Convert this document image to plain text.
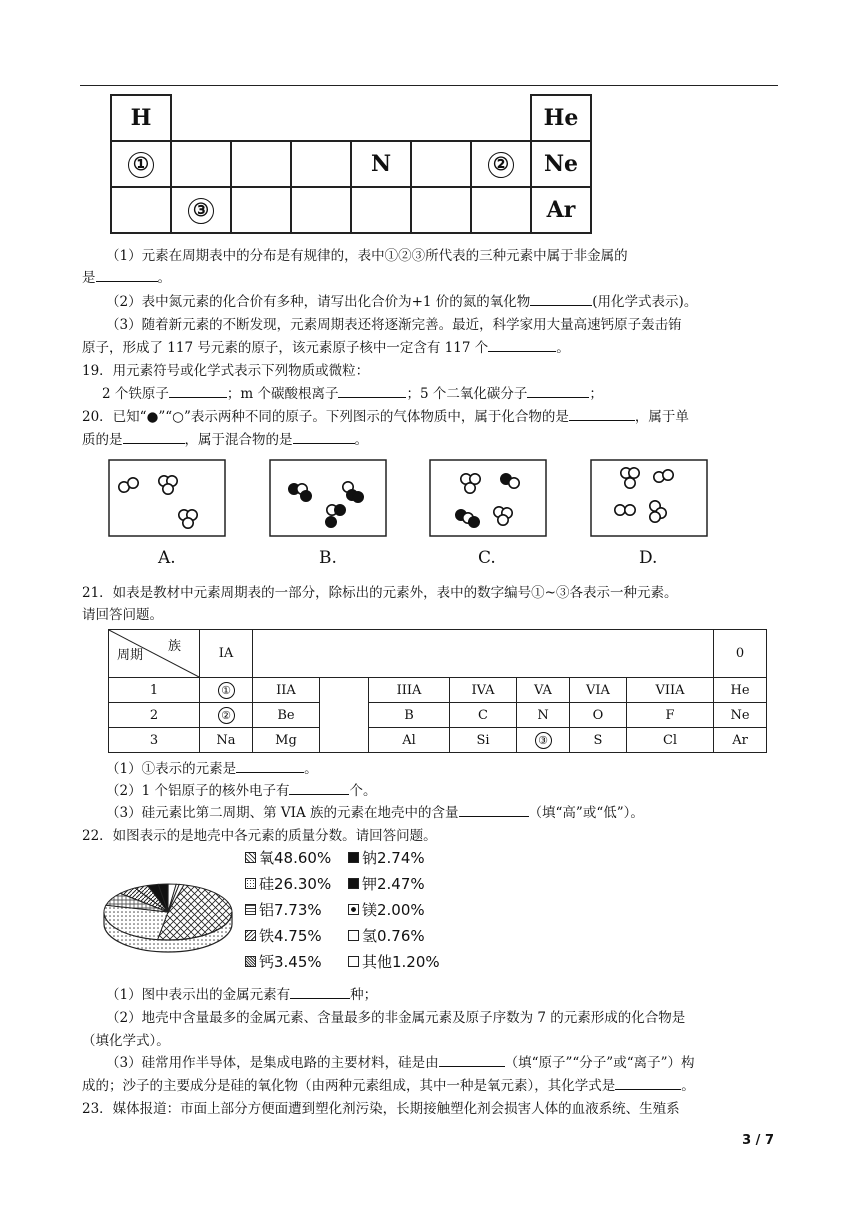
H							He
①				N		②	Ne
	③						Ar
（1）元素在周期表中的分布是有规律的，表中①②③所代表的三种元素中属于非金属的
是	。
（2）表中氮元素的化合价有多种，请写出化合价为+1 价的氮的氧化物	(用化学式表示)。
（3）随着新元素的不断发现，元素周期表还将逐渐完善。最近，科学家用大量高速钙原子轰击铕
原子，形成了 117 号元素的原子，该元素原子核中一定含有 117 个	。
19．用元素符号或化学式表示下列物质或微粒：
2 个铁原子	；m 个碳酸根离子	；5 个二氧化碳分子	；
20．已知“●”“○”表示两种不同的原子。下列图示的气体物质中，属于化合物的是	，属于单
质的是	，属于混合物的是	。
A.	B.	C.	D.
21．如表是教材中元素周期表的一部分，除标出的元素外，表中的数字编号①~③各表示一种元素。
请回答问题。
族
周期	IA								0
1	①	IIA		IIIA	IVA	VA	VIA	VIIA	He
2	②	Be		B	C	N	O	F	Ne
3	Na	Mg		Al	Si	③	S	Cl	Ar
（1）①表示的元素是	。
（2）1 个铝原子的核外电子有	个。
（3）硅元素比第二周期、第 VIA 族的元素在地壳中的含量	（填“高”或“低”）。
22．如图表示的是地壳中各元素的质量分数。请回答问题。
氧48.60%	钠2.74%
硅26.30%	钾2.47%
铝7.73%	镁2.00%
铁4.75%	氢0.76%
钙3.45%	其他1.20%
（1）图中表示出的金属元素有	种；
（2）地壳中含量最多的金属元素、含量最多的非金属元素及原子序数为 7 的元素形成的化合物是
（填化学式）。
（3）硅常用作半导体，是集成电路的主要材料，硅是由	（填“原子”“分子”或“离子”）构
成的；沙子的主要成分是硅的氧化物（由两种元素组成，其中一种是氧元素），其化学式是	。
23．媒体报道：市面上部分方便面遭到塑化剂污染，长期接触塑化剂会损害人体的血液系统、生殖系
3 / 7
